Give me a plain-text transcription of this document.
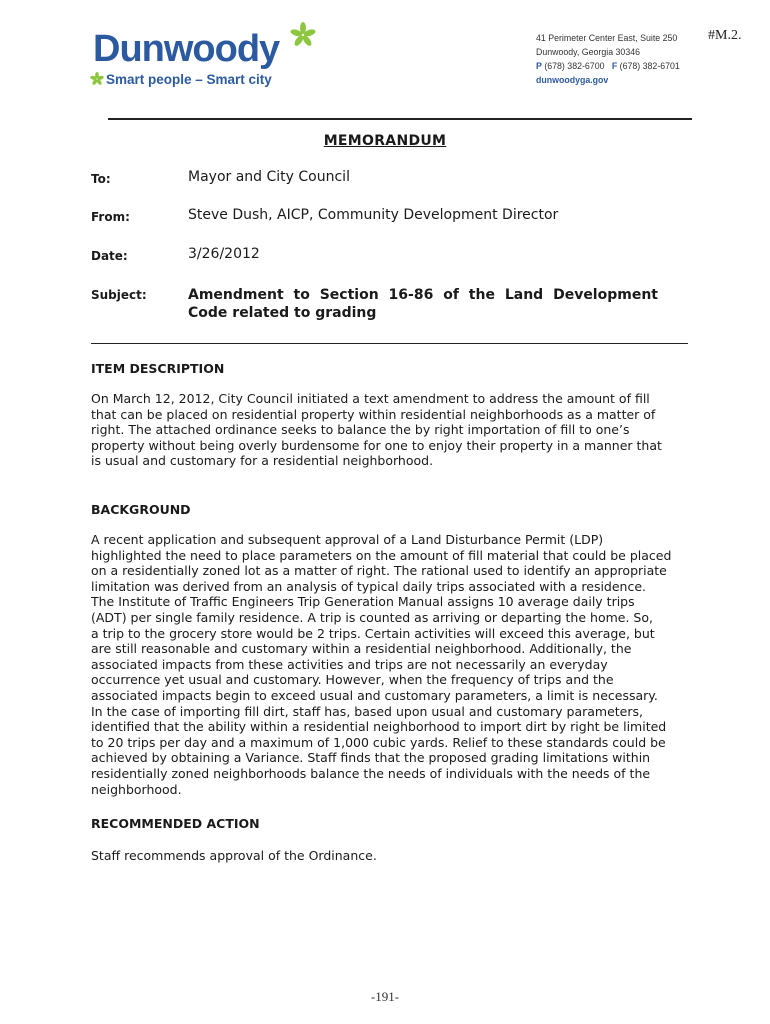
#M.2.
Dunwoody
Smart people – Smart city
41 Perimeter Center East, Suite 250
Dunwoody, Georgia 30346
P (678) 382-6700 F (678) 382-6701
dunwoodyga.gov
MEMORANDUM
To:	Mayor and City Council
From:	Steve Dush, AICP, Community Development Director
Date:	3/26/2012
Subject:	Amendment to Section 16-86 of the Land Development
Code related to grading
ITEM DESCRIPTION
On March 12, 2012, City Council initiated a text amendment to address the amount of fill
that can be placed on residential property within residential neighborhoods as a matter of
right. The attached ordinance seeks to balance the by right importation of fill to one’s
property without being overly burdensome for one to enjoy their property in a manner that
is usual and customary for a residential neighborhood.
BACKGROUND
A recent application and subsequent approval of a Land Disturbance Permit (LDP)
highlighted the need to place parameters on the amount of fill material that could be placed
on a residentially zoned lot as a matter of right. The rational used to identify an appropriate
limitation was derived from an analysis of typical daily trips associated with a residence.
The Institute of Traffic Engineers Trip Generation Manual assigns 10 average daily trips
(ADT) per single family residence. A trip is counted as arriving or departing the home. So,
a trip to the grocery store would be 2 trips. Certain activities will exceed this average, but
are still reasonable and customary within a residential neighborhood. Additionally, the
associated impacts from these activities and trips are not necessarily an everyday
occurrence yet usual and customary. However, when the frequency of trips and the
associated impacts begin to exceed usual and customary parameters, a limit is necessary.
In the case of importing fill dirt, staff has, based upon usual and customary parameters,
identified that the ability within a residential neighborhood to import dirt by right be limited
to 20 trips per day and a maximum of 1,000 cubic yards. Relief to these standards could be
achieved by obtaining a Variance. Staff finds that the proposed grading limitations within
residentially zoned neighborhoods balance the needs of individuals with the needs of the
neighborhood.
RECOMMENDED ACTION
Staff recommends approval of the Ordinance.
-191-
